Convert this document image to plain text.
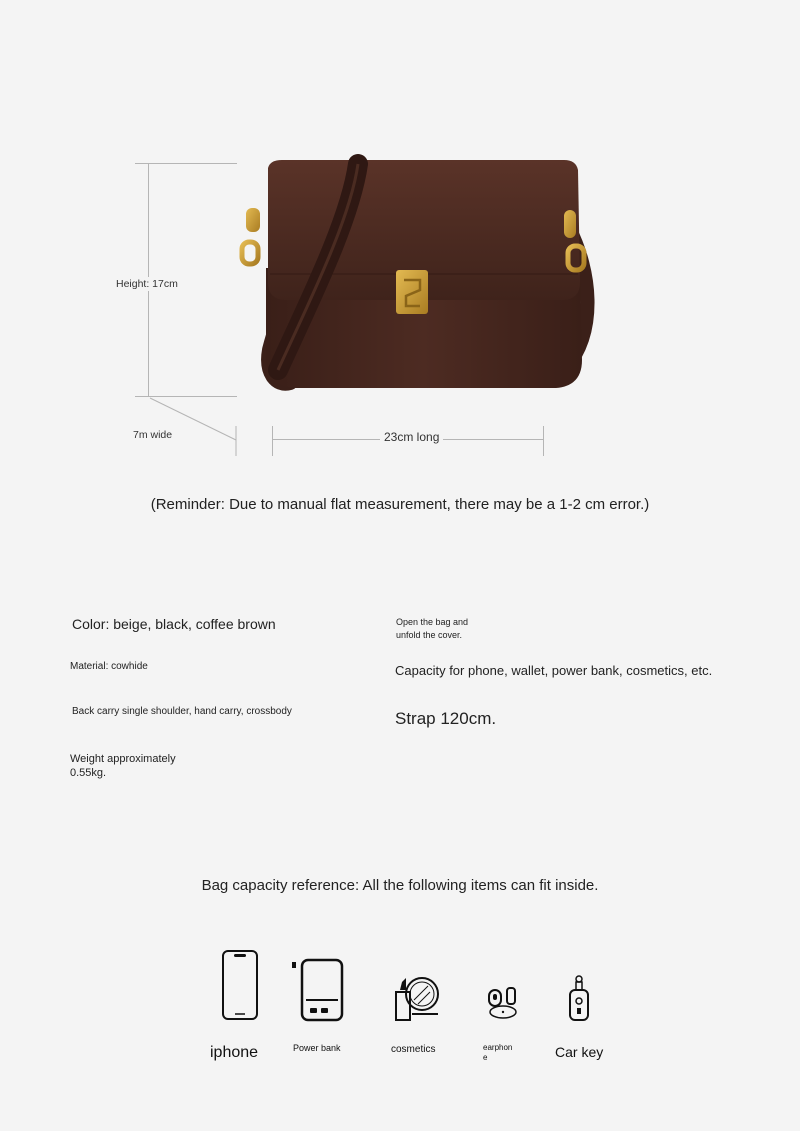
Height: 17cm
7m wide	23cm long
(Reminder: Due to manual flat measurement, there may be a 1-2 cm error.)
Color: beige, black, coffee brown
Material: cowhide
Back carry single shoulder, hand carry, crossbody
Weight approximately
0.55kg.
Open the bag and
unfold the cover.
Capacity for phone, wallet, power bank, cosmetics, etc.
Strap 120cm.
Bag capacity reference: All the following items can fit inside.
iphone	Power bank	cosmetics	earphon
e	Car key
